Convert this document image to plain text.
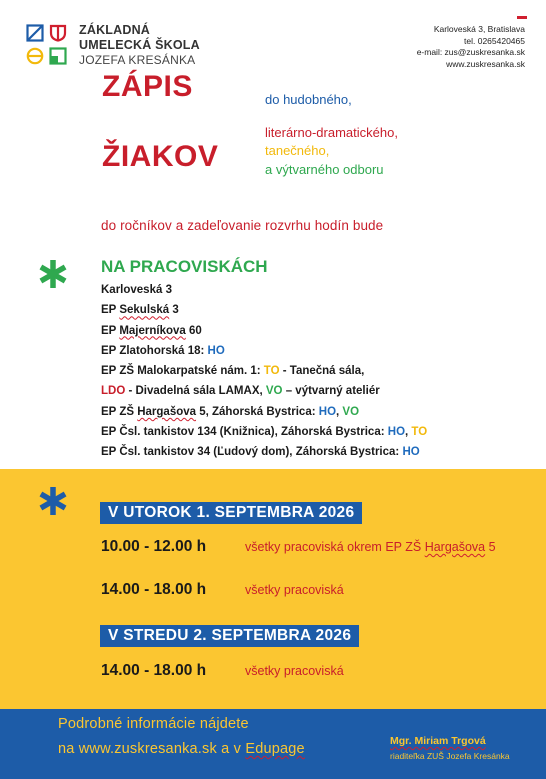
ZÁKLADNÁ
UMELECKÁ ŠKOLA
JOZEFA KRESÁNKA
Karloveská 3, Bratislava
tel. 0265420465
e-mail: zus@zuskresanka.sk
www.zuskresanka.sk
ZÁPIS
ŽIAKOV
do hudobného,
literárno-dramatického,
tanečného,
a výtvarného odboru
do ročníkov a zadeľovanie rozvrhu hodín bude
NA PRACOVISKÁCH
Karloveská 3
EP Sekulská 3
EP Majerníkova 60
EP Zlatohorská 18: HO
EP ZŠ Malokarpatské nám. 1: TO - Tanečná sála,
LDO - Divadelná sála LAMAX, VO – výtvarný ateliér
EP ZŠ Hargašova 5, Záhorská Bystrica: HO, VO
EP Čsl. tankistov 134 (Knižnica), Záhorská Bystrica: HO, TO
EP Čsl. tankistov 34 (Ľudový dom), Záhorská Bystrica: HO
V UTOROK 1. SEPTEMBRA 2026
10.00 - 12.00 h	všetky pracoviská okrem EP ZŠ Hargašova 5
14.00 - 18.00 h	všetky pracoviská
V STREDU 2. SEPTEMBRA 2026
14.00 - 18.00 h	všetky pracoviská
Podrobné informácie nájdete
na www.zuskresanka.sk a v Edupage	Mgr. Miriam Trgová
riaditeľka ZUŠ Jozefa Kresánka
